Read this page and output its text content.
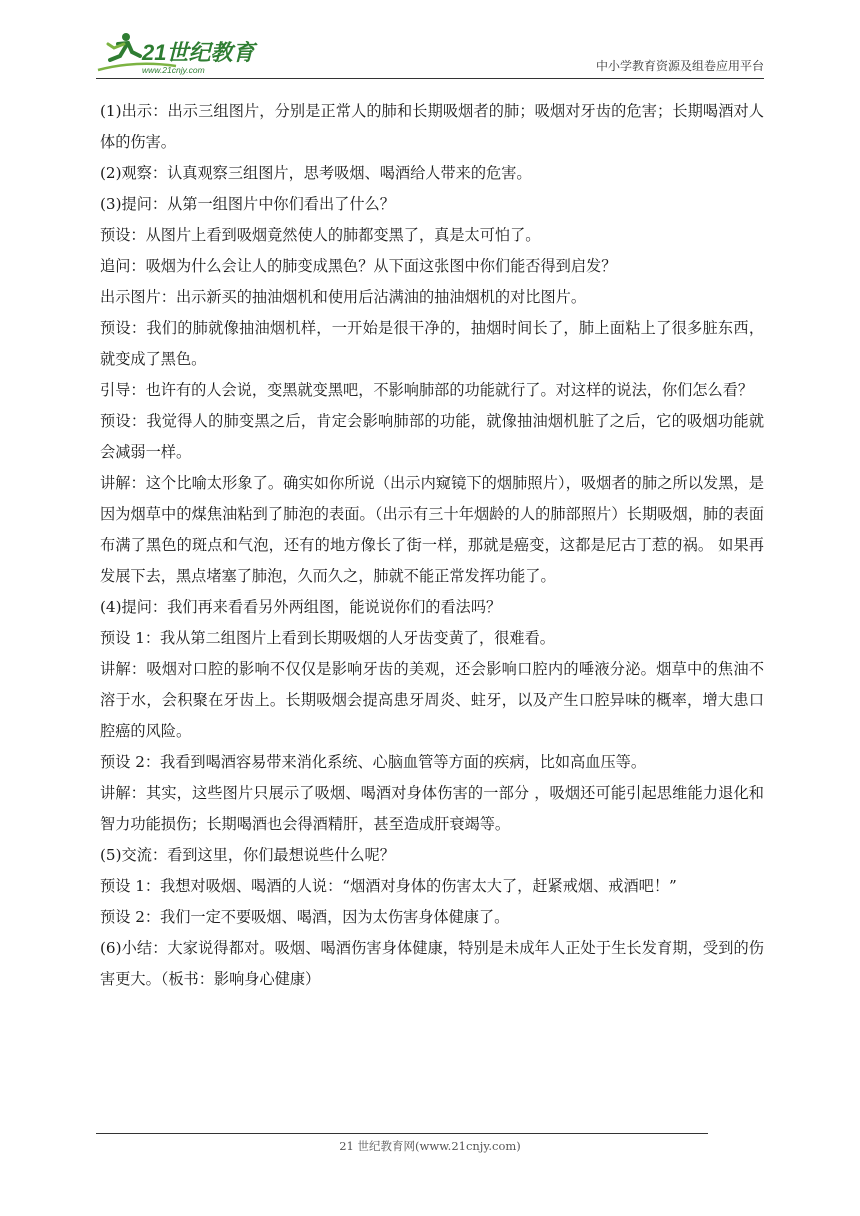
21世纪教育
www.21cnjy.com	中小学教育资源及组卷应用平台

(1)出示：出示三组图片，分别是正常人的肺和长期吸烟者的肺；吸烟对牙齿的危害；长期喝酒对人体的伤害。

(2)观察：认真观察三组图片，思考吸烟、喝酒给人带来的危害。

(3)提问：从第一组图片中你们看出了什么？

预设：从图片上看到吸烟竟然使人的肺都变黑了，真是太可怕了。

追问：吸烟为什么会让人的肺变成黑色？从下面这张图中你们能否得到启发？

出示图片：出示新买的抽油烟机和使用后沾满油的抽油烟机的对比图片。

预设：我们的肺就像抽油烟机样，一开始是很干净的，抽烟时间长了，肺上面粘上了很多脏东西，就变成了黑色。

引导：也许有的人会说，变黑就变黑吧，不影响肺部的功能就行了。对这样的说法，你们怎么看？

预设：我觉得人的肺变黑之后，肯定会影响肺部的功能，就像抽油烟机脏了之后，它的吸烟功能就会减弱一样。

讲解：这个比喻太形象了。确实如你所说（出示内窥镜下的烟肺照片），吸烟者的肺之所以发黑，是因为烟草中的煤焦油粘到了肺泡的表面。（出示有三十年烟龄的人的肺部照片）长期吸烟，肺的表面布满了黑色的斑点和气泡，还有的地方像长了街一样，那就是癌变，这都是尼古丁惹的祸。 如果再发展下去，黑点堵塞了肺泡，久而久之，肺就不能正常发挥功能了。

(4)提问：我们再来看看另外两组图，能说说你们的看法吗？

预设 1：我从第二组图片上看到长期吸烟的人牙齿变黄了，很难看。

讲解：吸烟对口腔的影响不仅仅是影响牙齿的美观，还会影响口腔内的唾液分泌。烟草中的焦油不溶于水，会积聚在牙齿上。长期吸烟会提高患牙周炎、蛀牙，以及产生口腔异味的概率，增大患口腔癌的风险。

预设 2：我看到喝酒容易带来消化系统、心脑血管等方面的疾病，比如高血压等。

讲解：其实，这些图片只展示了吸烟、喝酒对身体伤害的一部分 ，吸烟还可能引起思维能力退化和智力功能损伤；长期喝酒也会得酒精肝，甚至造成肝衰竭等。

(5)交流：看到这里，你们最想说些什么呢？

预设 1：我想对吸烟、喝酒的人说：“烟酒对身体的伤害太大了，赶紧戒烟、戒酒吧！”

预设 2：我们一定不要吸烟、喝酒，因为太伤害身体健康了。

(6)小结：大家说得都对。吸烟、喝酒伤害身体健康，特别是未成年人正处于生长发育期，受到的伤害更大。（板书：影响身心健康）

21 世纪教育网(www.21cnjy.com)
